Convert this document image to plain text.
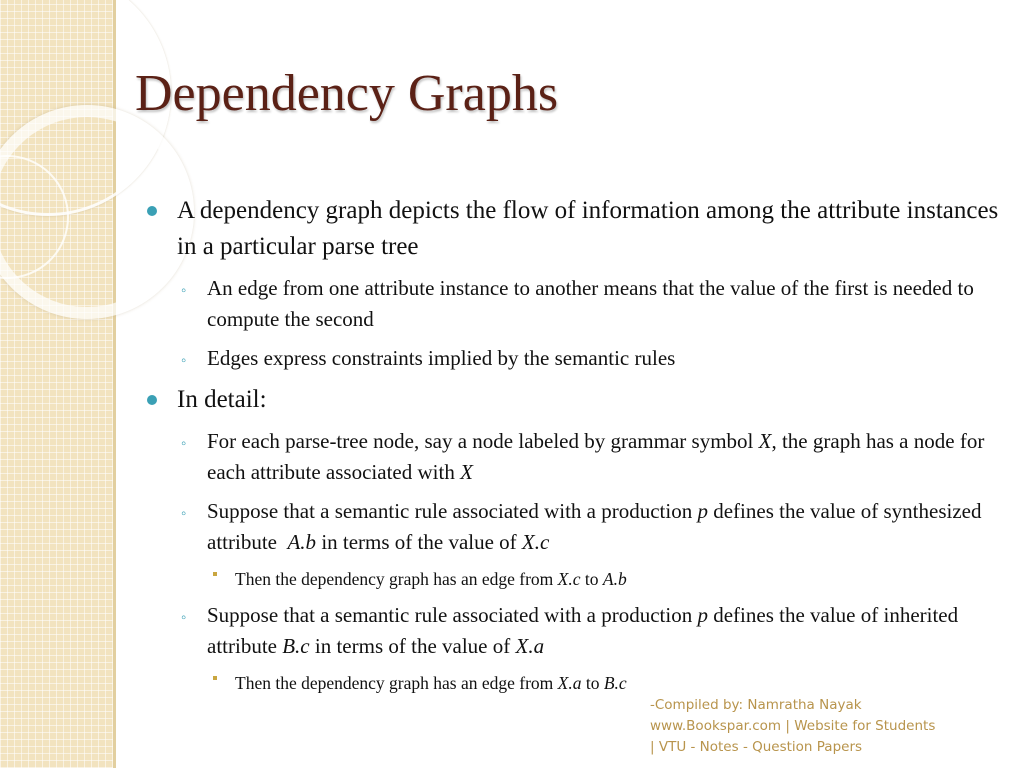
Dependency Graphs
A dependency graph depicts the flow of information among the attribute instances in a particular parse tree
◦ An edge from one attribute instance to another means that the value of the first is needed to compute the second
◦ Edges express constraints implied by the semantic rules
In detail:
◦ For each parse-tree node, say a node labeled by grammar symbol X, the graph has a node for each attribute associated with X
◦ Suppose that a semantic rule associated with a production p defines the value of synthesized attribute  A.b in terms of the value of X.c
Then the dependency graph has an edge from X.c to A.b
◦ Suppose that a semantic rule associated with a production p defines the value of inherited attribute B.c in terms of the value of X.a
Then the dependency graph has an edge from X.a to B.c
-Compiled by: Namratha Nayak
www.Bookspar.com | Website for Students
| VTU - Notes - Question Papers
